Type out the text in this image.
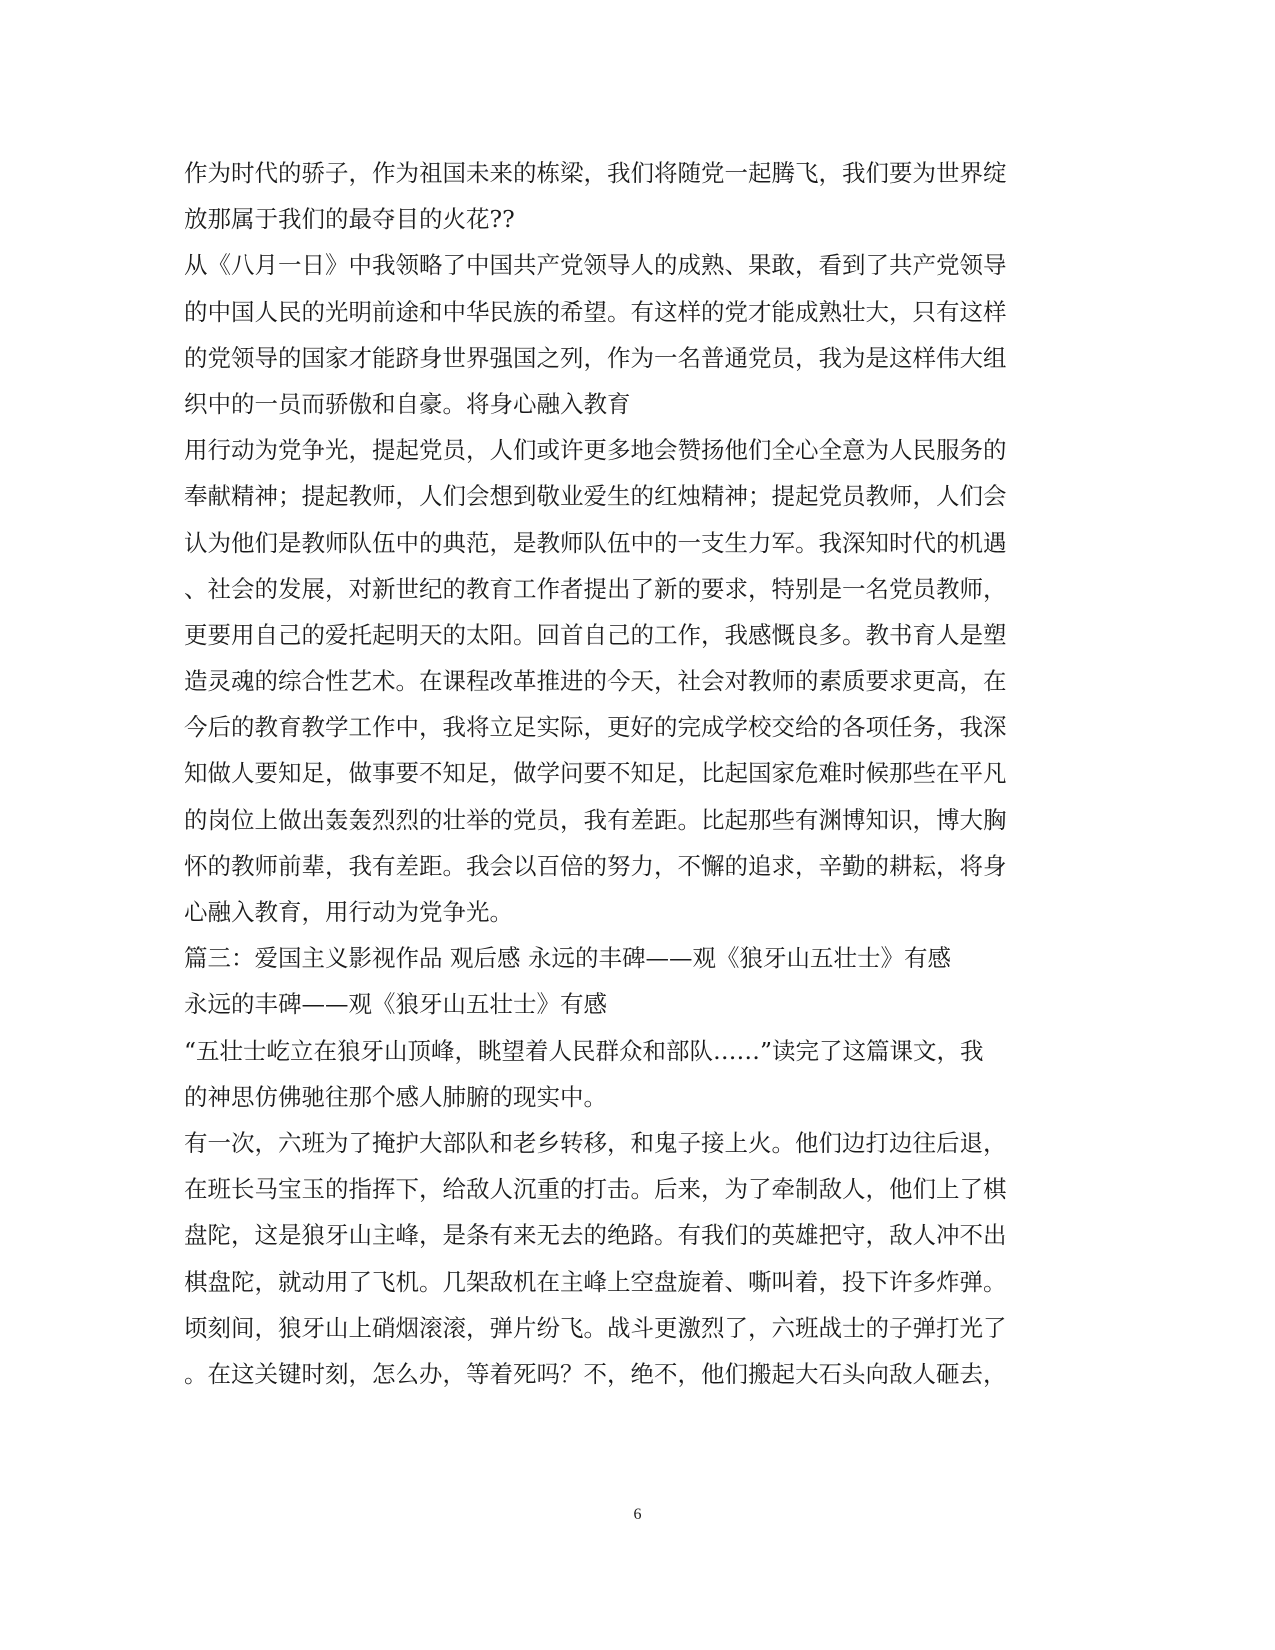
作为时代的骄子，作为祖国未来的栋梁，我们将随党一起腾飞，我们要为世界绽
放那属于我们的最夺目的火花??
从《八月一日》中我领略了中国共产党领导人的成熟、果敢，看到了共产党领导
的中国人民的光明前途和中华民族的希望。有这样的党才能成熟壮大，只有这样
的党领导的国家才能跻身世界强国之列，作为一名普通党员，我为是这样伟大组
织中的一员而骄傲和自豪。将身心融入教育
用行动为党争光，提起党员，人们或许更多地会赞扬他们全心全意为人民服务的
奉献精神；提起教师，人们会想到敬业爱生的红烛精神；提起党员教师，人们会
认为他们是教师队伍中的典范，是教师队伍中的一支生力军。我深知时代的机遇
、社会的发展，对新世纪的教育工作者提出了新的要求，特别是一名党员教师，
更要用自己的爱托起明天的太阳。回首自己的工作，我感慨良多。教书育人是塑
造灵魂的综合性艺术。在课程改革推进的今天，社会对教师的素质要求更高，在
今后的教育教学工作中，我将立足实际，更好的完成学校交给的各项任务，我深
知做人要知足，做事要不知足，做学问要不知足，比起国家危难时候那些在平凡
的岗位上做出轰轰烈烈的壮举的党员，我有差距。比起那些有渊博知识，博大胸
怀的教师前辈，我有差距。我会以百倍的努力，不懈的追求，辛勤的耕耘，将身
心融入教育，用行动为党争光。
篇三：爱国主义影视作品 观后感 永远的丰碑——观《狼牙山五壮士》有感
永远的丰碑——观《狼牙山五壮士》有感
“五壮士屹立在狼牙山顶峰，眺望着人民群众和部队……”读完了这篇课文，我
的神思仿佛驰往那个感人肺腑的现实中。
有一次，六班为了掩护大部队和老乡转移，和鬼子接上火。他们边打边往后退，
在班长马宝玉的指挥下，给敌人沉重的打击。后来，为了牵制敌人，他们上了棋
盘陀，这是狼牙山主峰，是条有来无去的绝路。有我们的英雄把守，敌人冲不出
棋盘陀，就动用了飞机。几架敌机在主峰上空盘旋着、嘶叫着，投下许多炸弹。
顷刻间，狼牙山上硝烟滚滚，弹片纷飞。战斗更激烈了，六班战士的子弹打光了
。在这关键时刻，怎么办，等着死吗？不，绝不，他们搬起大石头向敌人砸去，
6
